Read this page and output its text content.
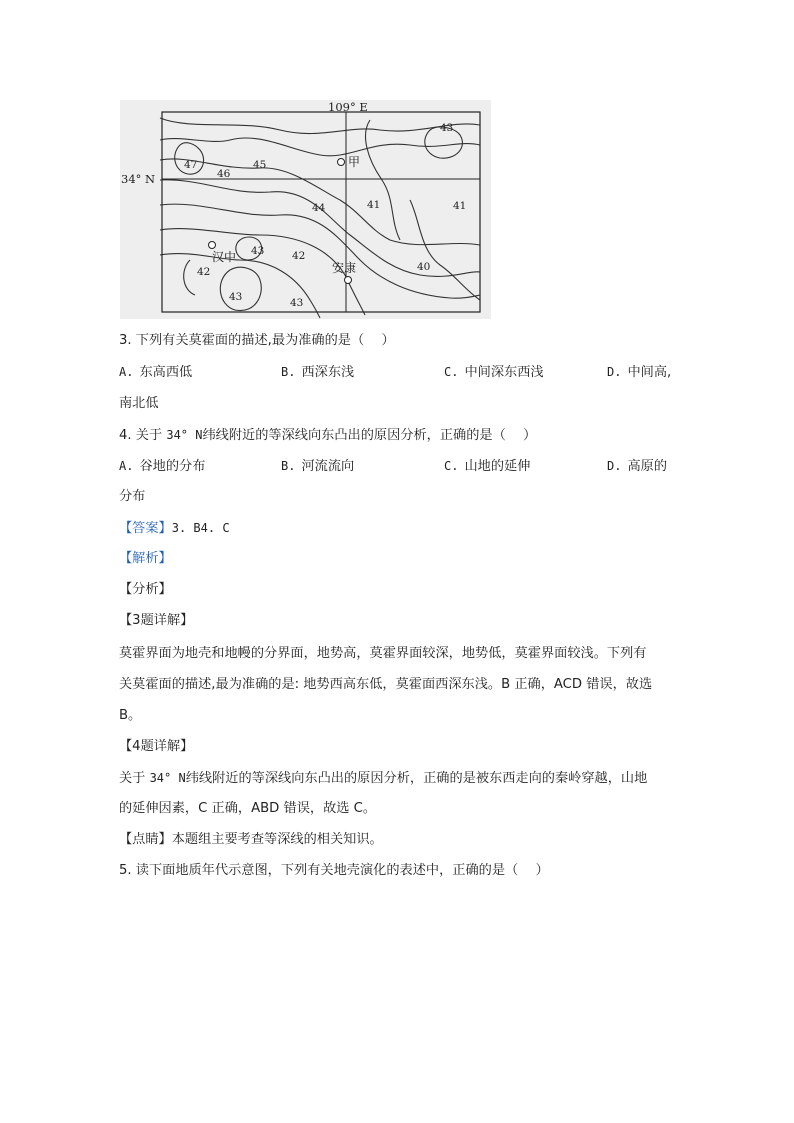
109° E
34° N
甲
汉中
安康
47	45
46
44
43
41
41
43	42
42
43	43
40
3. 下列有关莫霍面的描述,最为准确的是（　 ）
A. 东高西低	B. 西深东浅	C. 中间深东西浅	D. 中间高,
南北低
4. 关于 34° N纬线附近的等深线向东凸出的原因分析，正确的是（　 ）
A. 谷地的分布	B. 河流流向	C. 山地的延伸	D. 高原的
分布
【答案】3. B4. C
【解析】
【分析】
【3题详解】
莫霍界面为地壳和地幔的分界面，地势高，莫霍界面较深，地势低，莫霍界面较浅。下列有
关莫霍面的描述,最为准确的是: 地势西高东低，莫霍面西深东浅。B 正确，ACD 错误，故选
B。
【4题详解】
关于 34° N纬线附近的等深线向东凸出的原因分析，正确的是被东西走向的秦岭穿越，山地
的延伸因素，C 正确，ABD 错误，故选 C。
【点睛】本题组主要考查等深线的相关知识。
5. 读下面地质年代示意图，下列有关地壳演化的表述中，正确的是（　 ）
